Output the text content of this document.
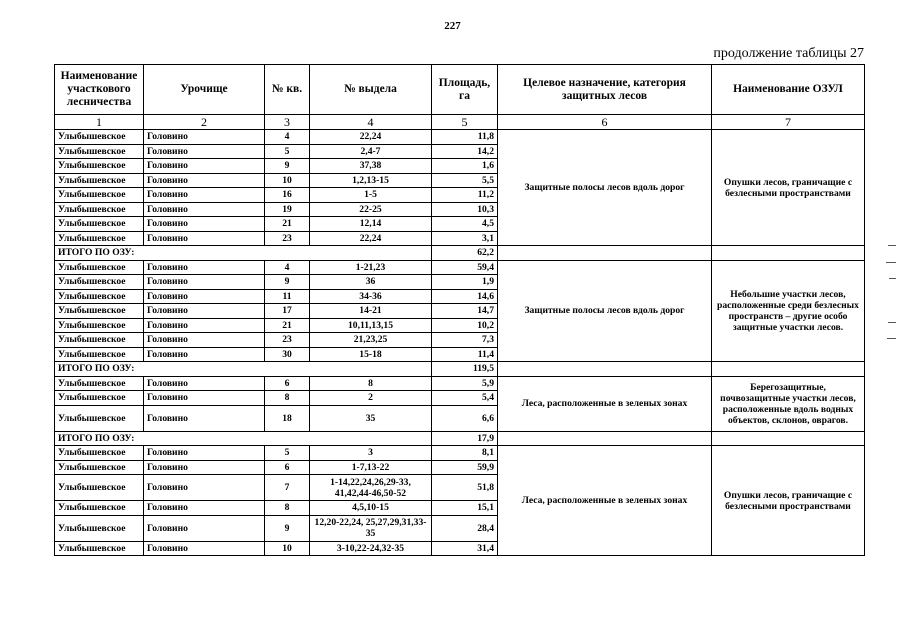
227
продолжение таблицы 27
Наименование участкового лесничества	Урочище	№ кв.	№ выдела	Площадь, га	Целевое назначение, категория защитных лесов	Наименование ОЗУЛ
1	2	3	4	5	6	7
Улыбышевское	Головино	4	22,24	11,8	Защитные полосы лесов вдоль дорог	Опушки лесов, граничащие с безлесными пространствами
Улыбышевское	Головино	5	2,4-7	14,2		
Улыбышевское	Головино	9	37,38	1,6		
Улыбышевское	Головино	10	1,2,13-15	5,5		
Улыбышевское	Головино	16	1-5	11,2		
Улыбышевское	Головино	19	22-25	10,3		
Улыбышевское	Головино	21	12,14	4,5		
Улыбышевское	Головино	23	22,24	3,1		
ИТОГО ПО ОЗУ:				62,2		
Улыбышевское	Головино	4	1-21,23	59,4	Защитные полосы лесов вдоль дорог	Небольшие участки лесов, расположенные среди безлесных пространств – другие особо защитные участки лесов.
Улыбышевское	Головино	9	36	1,9		
Улыбышевское	Головино	11	34-36	14,6		
Улыбышевское	Головино	17	14-21	14,7		
Улыбышевское	Головино	21	10,11,13,15	10,2		
Улыбышевское	Головино	23	21,23,25	7,3		
Улыбышевское	Головино	30	15-18	11,4		
ИТОГО ПО ОЗУ:				119,5		
Улыбышевское	Головино	6	8	5,9	Леса, расположенные в зеленых зонах	Берегозащитные, почвозащитные участки лесов, расположенные вдоль водных объектов, склонов, оврагов.
Улыбышевское	Головино	8	2	5,4		
Улыбышевское	Головино	18	35	6,6		
ИТОГО ПО ОЗУ:				17,9		
Улыбышевское	Головино	5	3	8,1	Леса, расположенные в зеленых зонах	Опушки лесов, граничащие с безлесными пространствами
Улыбышевское	Головино	6	1-7,13-22	59,9		
Улыбышевское	Головино	7	1-14,22,24,26,29-33, 41,42,44-46,50-52	51,8		
Улыбышевское	Головино	8	4,5,10-15	15,1		
Улыбышевское	Головино	9	12,20-22,24, 25,27,29,31,33-35	28,4		
Улыбышевское	Головино	10	3-10,22-24,32-35	31,4		
